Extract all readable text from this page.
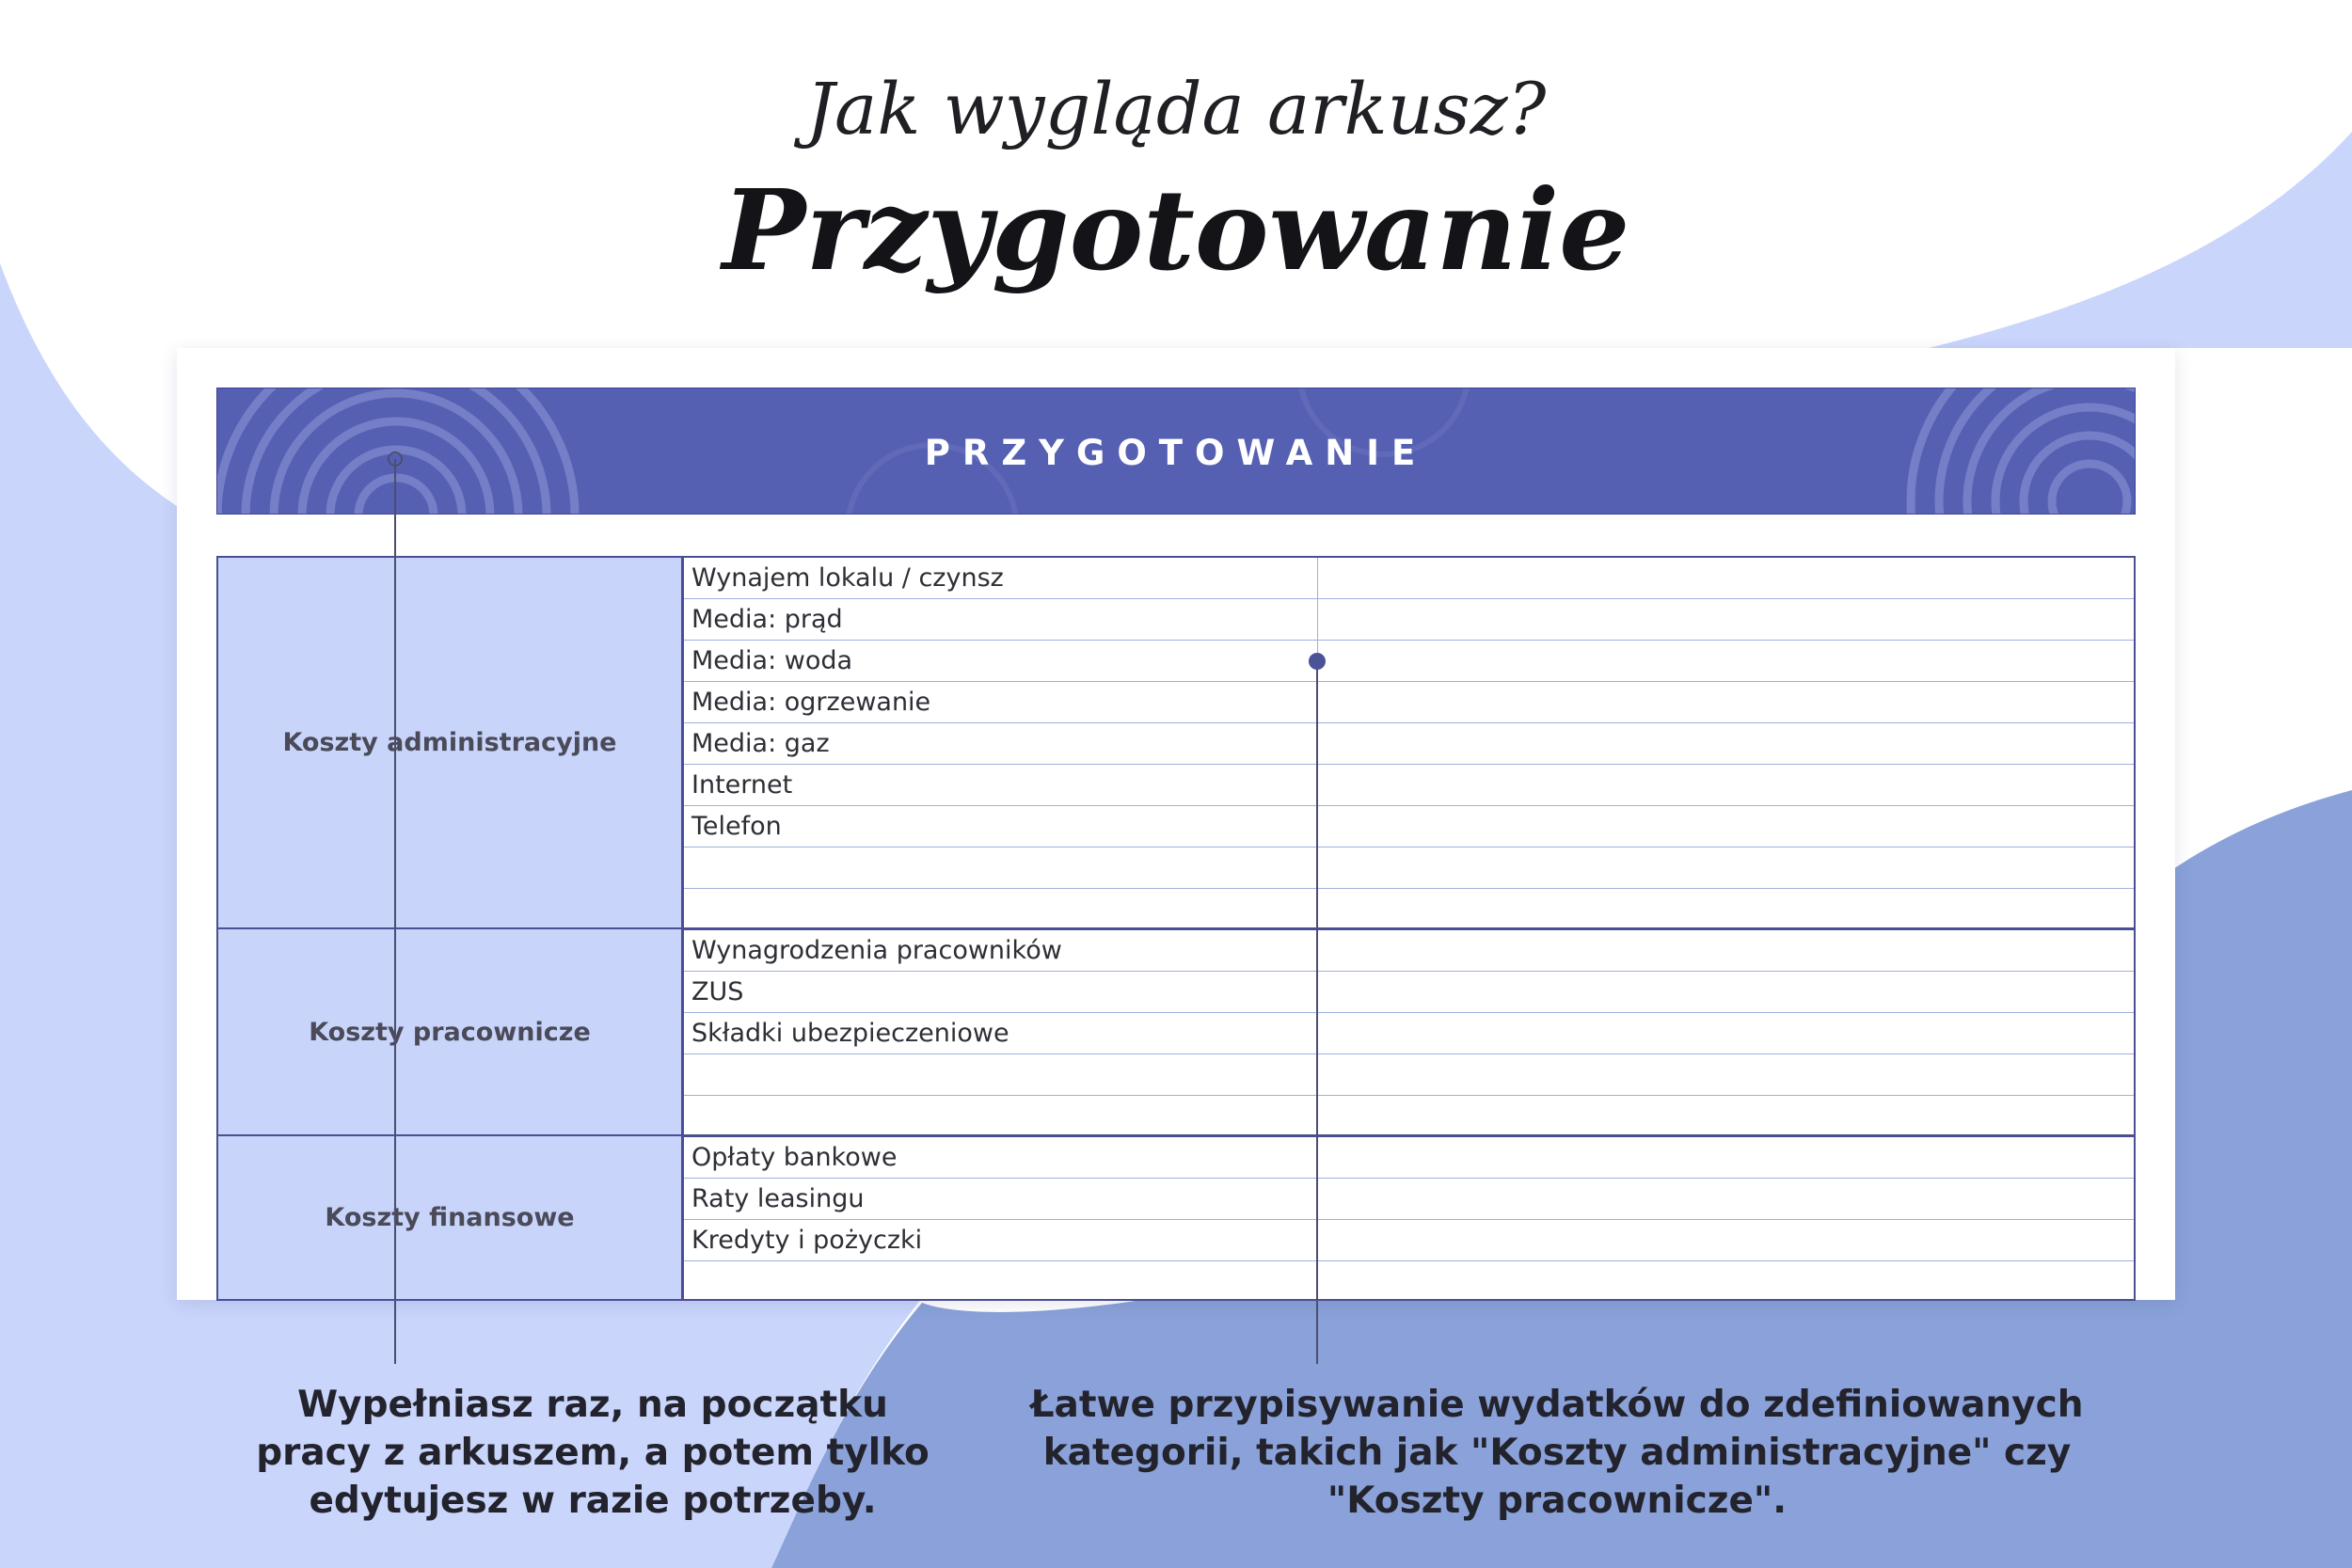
Jak wygląda arkusz?
Przygotowanie
PRZYGOTOWANIE
Koszty administracyjne
Koszty pracownicze
Koszty finansowe
Wynajem lokalu / czynsz
Media: prąd
Media: woda
Media: ogrzewanie
Media: gaz
Internet
Telefon
Wynagrodzenia pracowników
ZUS
Składki ubezpieczeniowe
Opłaty bankowe
Raty leasingu
Kredyty i pożyczki
Wypełniasz raz, na początku pracy z arkuszem, a potem tylko edytujesz w razie potrzeby.
Łatwe przypisywanie wydatków do zdefiniowanych kategorii, takich jak "Koszty administracyjne" czy "Koszty pracownicze".
